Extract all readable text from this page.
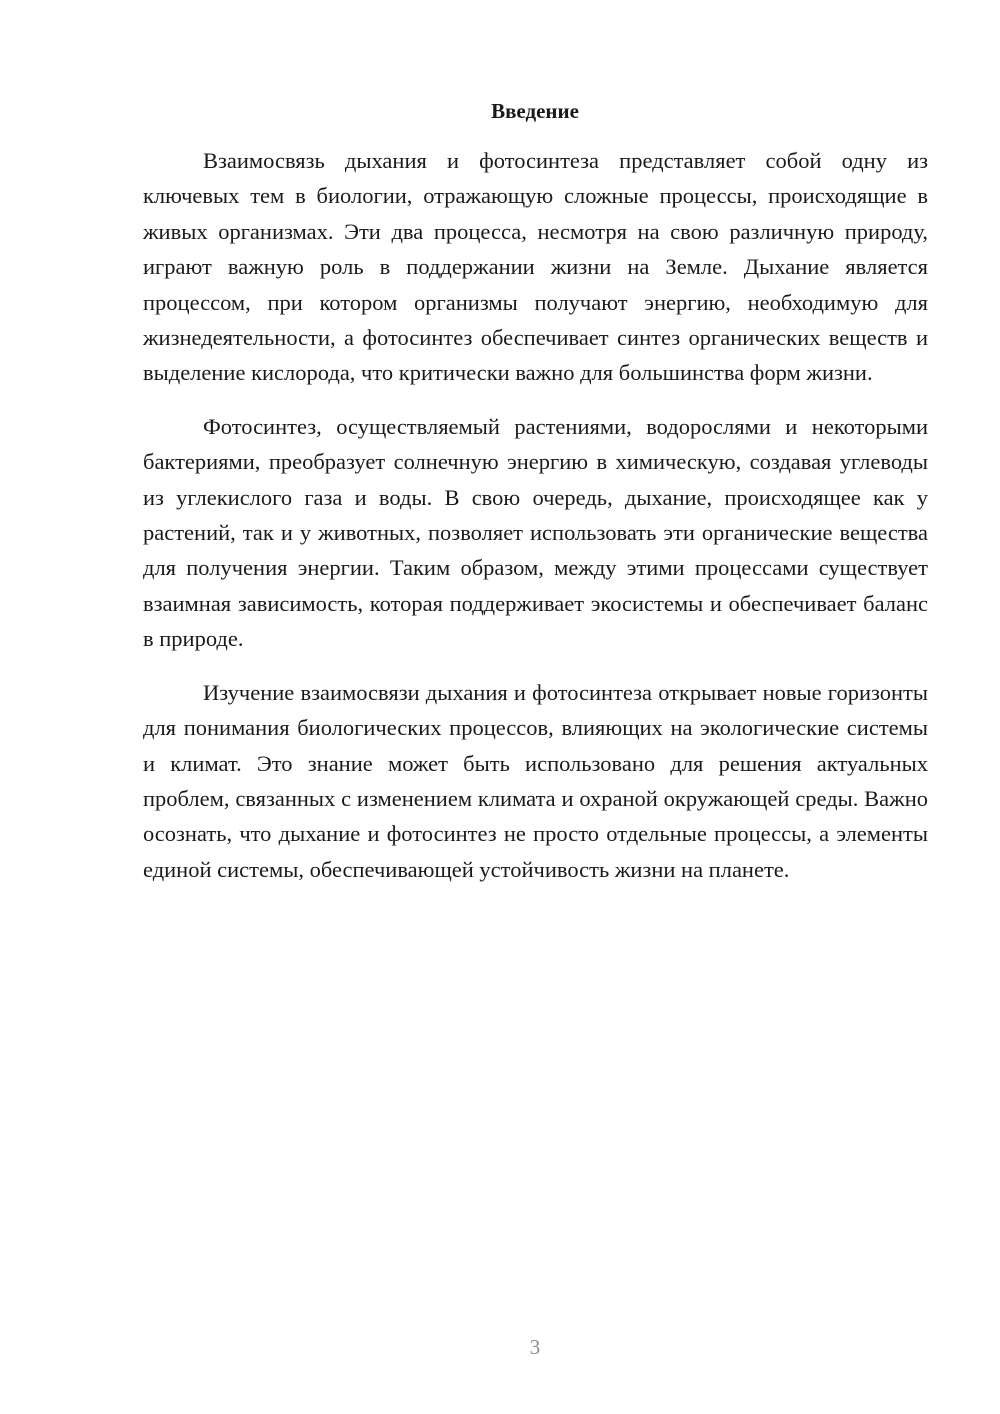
Введение

Взаимосвязь дыхания и фотосинтеза представляет собой одну из ключевых тем в биологии, отражающую сложные процессы, происходящие в живых организмах. Эти два процесса, несмотря на свою различную природу, играют важную роль в поддержании жизни на Земле. Дыхание является процессом, при котором организмы получают энергию, необходимую для жизнедеятельности, а фотосинтез обеспечивает синтез органических веществ и выделение кислорода, что критически важно для большинства форм жизни.

Фотосинтез, осуществляемый растениями, водорослями и некоторыми бактериями, преобразует солнечную энергию в химическую, создавая углеводы из углекислого газа и воды. В свою очередь, дыхание, происходящее как у растений, так и у животных, позволяет использовать эти органические вещества для получения энергии. Таким образом, между этими процессами существует взаимная зависимость, которая поддерживает экосистемы и обеспечивает баланс в природе.

Изучение взаимосвязи дыхания и фотосинтеза открывает новые горизонты для понимания биологических процессов, влияющих на экологические системы и климат. Это знание может быть использовано для решения актуальных проблем, связанных с изменением климата и охраной окружающей среды. Важно осознать, что дыхание и фотосинтез не просто отдельные процессы, а элементы единой системы, обеспечивающей устойчивость жизни на планете.

3
